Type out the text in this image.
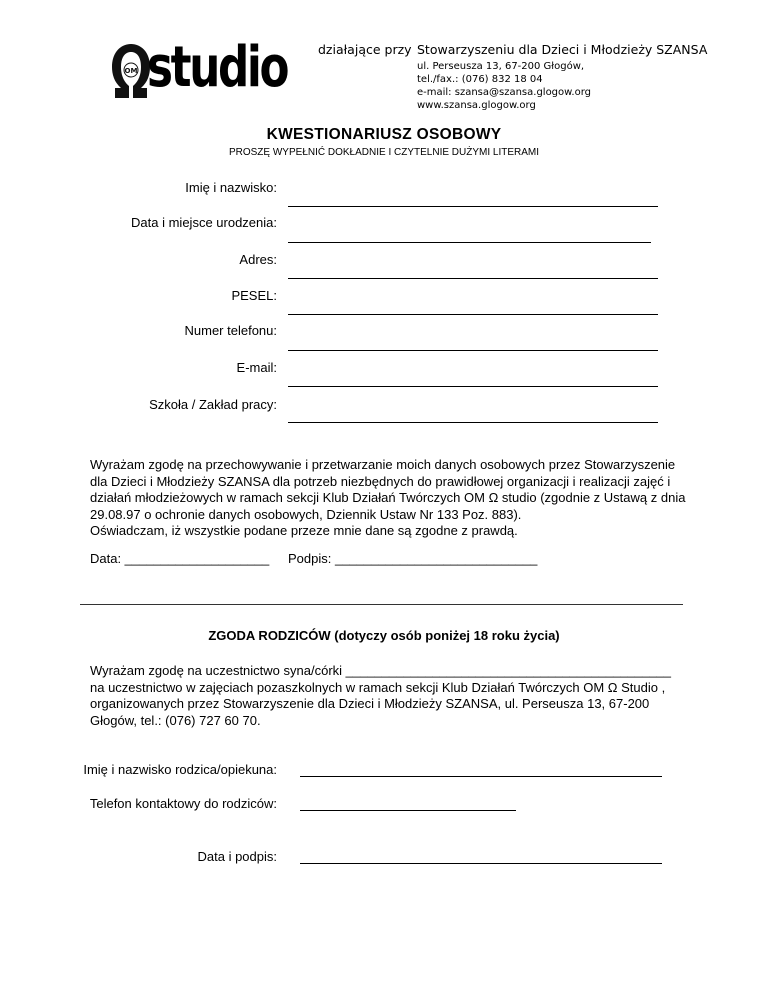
OM studio działające przy Stowarzyszeniu dla Dzieci i Młodzieży SZANSA
ul. Perseusza 13, 67-200 Głogów,
tel./fax.: (076) 832 18 04
e-mail: szansa@szansa.glogow.org
www.szansa.glogow.org
KWESTIONARIUSZ OSOBOWY
PROSZĘ WYPEŁNIĆ DOKŁADNIE I CZYTELNIE DUŻYMI LITERAMI
Imię i nazwisko:
Data i miejsce urodzenia:
Adres:
PESEL:
Numer telefonu:
E-mail:
Szkoła / Zakład pracy:

Wyrażam zgodę na przechowywanie i przetwarzanie moich danych osobowych przez Stowarzyszenie dla Dzieci i Młodzieży SZANSA dla potrzeb niezbędnych do prawidłowej organizacji i realizacji zajęć i działań młodzieżowych w ramach sekcji Klub Działań Twórczych OM Ω studio (zgodnie z Ustawą z dnia 29.08.97 o ochronie danych osobowych, Dziennik Ustaw Nr 133 Poz. 883).

Oświadczam, iż wszystkie podane przeze mnie dane są zgodne z prawdą.

Data: ____________________ Podpis: ____________________________
ZGODA RODZICÓW (dotyczy osób poniżej 18 roku życia)

Wyrażam zgodę na uczestnictwo syna/córki _____________________________________________

na uczestnictwo w zajęciach pozaszkolnych w ramach sekcji Klub Działań Twórczych OM Ω Studio , organizowanych przez Stowarzyszenie dla Dzieci i Młodzieży SZANSA, ul. Perseusza 13, 67-200 Głogów, tel.: (076) 727 60 70.

Imię i nazwisko rodzica/opiekuna:
Telefon kontaktowy do rodziców:
Data i podpis:
